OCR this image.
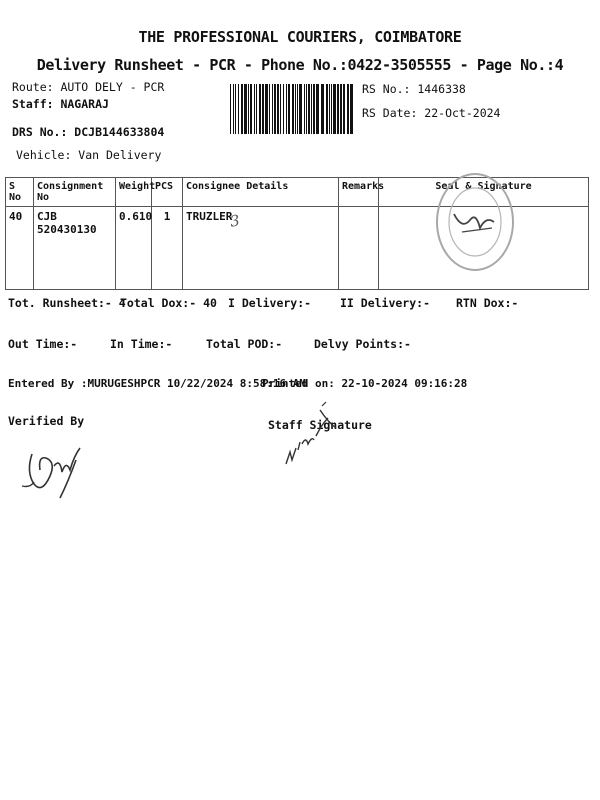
THE PROFESSIONAL COURIERS, COIMBATORE
Delivery Runsheet - PCR - Phone No.:0422-3505555 - Page No.:4
Route: AUTO DELY - PCR
Staff: NAGARAJ
DRS No.: DCJB144633804
Vehicle: Van Delivery
RS No.: 1446338
RS Date: 22-Oct-2024
S No	Consignment No	Weight	PCS	Consignee Details	Remarks	Seal & Signature
40	CJB 520430130	0.610	1	TRUZLER		
3
Tot. Runsheet:- 4
Total Dox:- 40 I Delivery:-	II Delivery:- RTN Dox:-
Out Time:-	In Time:-	Total POD:-	Delvy Points:-
Entered By :MURUGESHPCR 10/22/2024 8:58:16 AM
Printed on: 22-10-2024 09:16:28
Verified By	Staff Signature
